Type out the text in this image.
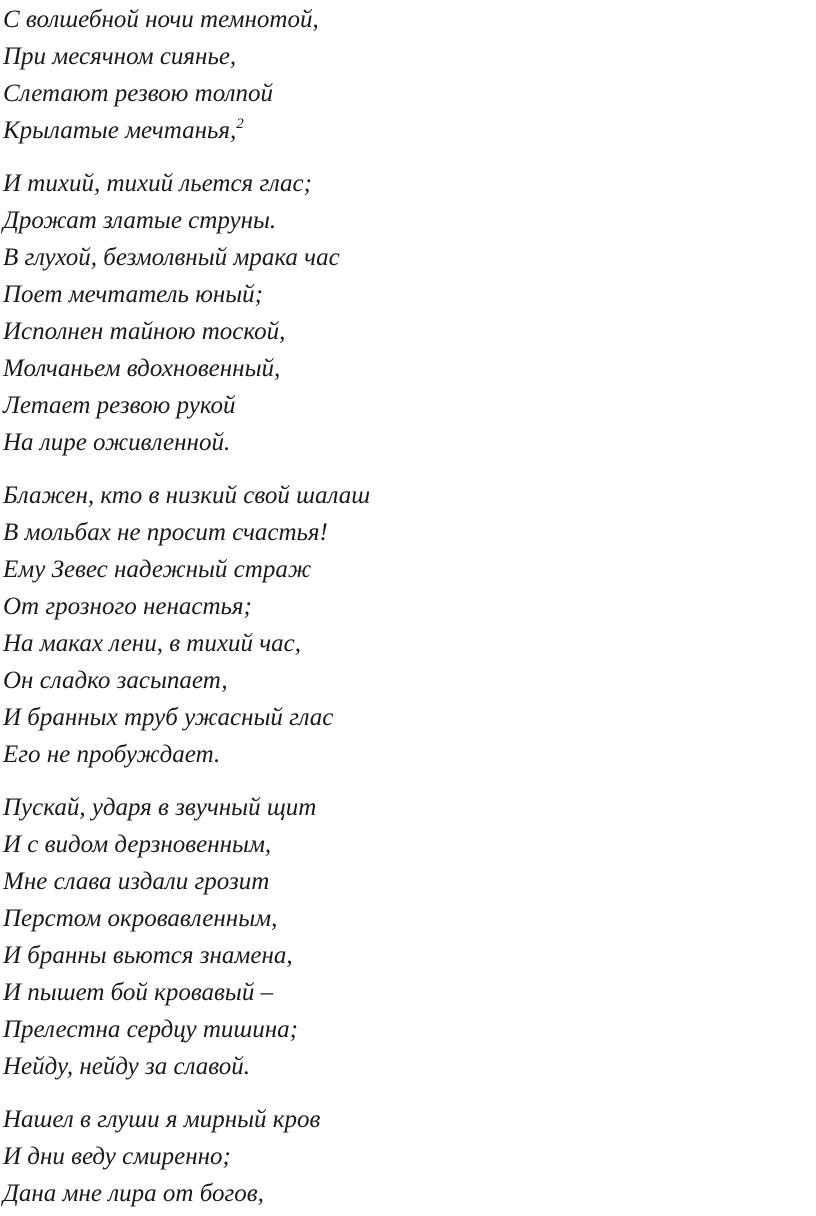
С волшебной ночи темнотой,
При месячном сиянье,
Слетают резвою толпой
Крылатые мечтанья,$^2$
И тихий, тихий льется глас;
Дрожат златые струны.
В глухой, безмолвный мрака час
Поет мечтатель юный;
Исполнен тайною тоской,
Молчаньем вдохновенный,
Летает резвою рукой
На лире оживленной.
Блажен, кто в низкий свой шалаш
В мольбах не просит счастья!
Ему Зевес надежный страж
От грозного ненастья;
На маках лени, в тихий час,
Он сладко засыпает,
И бранных труб ужасный глас
Его не пробуждает.
Пускай, ударя в звучный щит
И с видом дерзновенным,
Мне слава издали грозит
Перстом окровавленным,
И бранны вьются знамена,
И пышет бой кровавый –
Прелестна сердцу тишина;
Нейду, нейду за славой.
Нашел в глуши я мирный кров
И дни веду смиренно;
Дана мне лира от богов,
